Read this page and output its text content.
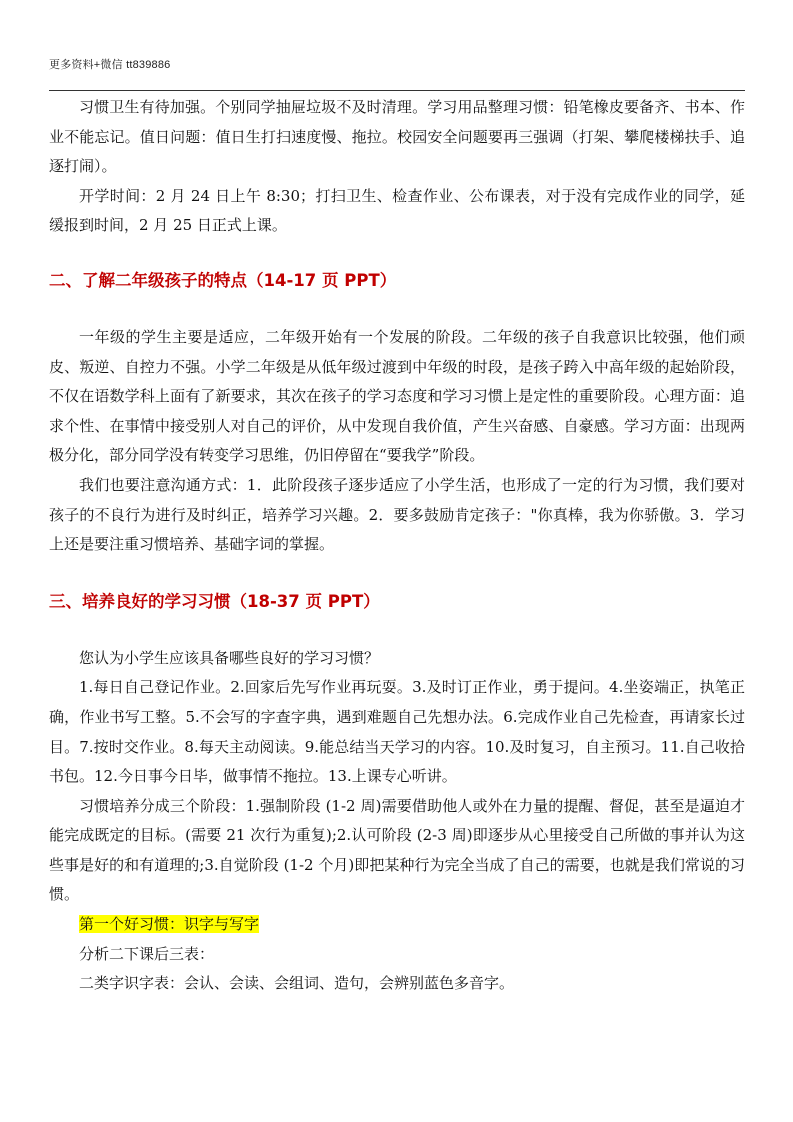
更多资料+微信 tt839886

习惯卫生有待加强。个别同学抽屉垃圾不及时清理。学习用品整理习惯：铅笔橡皮要备齐、书本、作业不能忘记。值日问题：值日生打扫速度慢、拖拉。校园安全问题要再三强调（打架、攀爬楼梯扶手、追逐打闹）。

开学时间：2 月 24 日上午 8:30；打扫卫生、检查作业、公布课表，对于没有完成作业的同学，延缓报到时间，2 月 25 日正式上课。

二、了解二年级孩子的特点（14-17 页 PPT）

一年级的学生主要是适应，二年级开始有一个发展的阶段。二年级的孩子自我意识比较强，他们顽皮、叛逆、自控力不强。小学二年级是从低年级过渡到中年级的时段，是孩子跨入中高年级的起始阶段，不仅在语数学科上面有了新要求，其次在孩子的学习态度和学习习惯上是定性的重要阶段。心理方面：追求个性、在事情中接受别人对自己的评价，从中发现自我价值，产生兴奋感、自豪感。学习方面：出现两极分化，部分同学没有转变学习思维，仍旧停留在“要我学”阶段。

我们也要注意沟通方式：1．此阶段孩子逐步适应了小学生活，也形成了一定的行为习惯，我们要对孩子的不良行为进行及时纠正，培养学习兴趣。2．要多鼓励肯定孩子："你真棒，我为你骄傲。3．学习上还是要注重习惯培养、基础字词的掌握。

三、培养良好的学习习惯（18-37 页 PPT）

您认为小学生应该具备哪些良好的学习习惯？

1.每日自己登记作业。2.回家后先写作业再玩耍。3.及时订正作业，勇于提问。4.坐姿端正，执笔正确，作业书写工整。5.不会写的字查字典，遇到难题自己先想办法。6.完成作业自己先检查，再请家长过目。7.按时交作业。8.每天主动阅读。9.能总结当天学习的内容。10.及时复习，自主预习。11.自己收拾书包。12.今日事今日毕，做事情不拖拉。13.上课专心听讲。

习惯培养分成三个阶段：1.强制阶段 (1-2 周)需要借助他人或外在力量的提醒、督促，甚至是逼迫才能完成既定的目标。(需要 21 次行为重复);2.认可阶段 (2-3 周)即逐步从心里接受自己所做的事并认为这些事是好的和有道理的;3.自觉阶段 (1-2 个月)即把某种行为完全当成了自己的需要，也就是我们常说的习惯。

第一个好习惯：识字与写字

分析二下课后三表：

二类字识字表：会认、会读、会组词、造句，会辨别蓝色多音字。
